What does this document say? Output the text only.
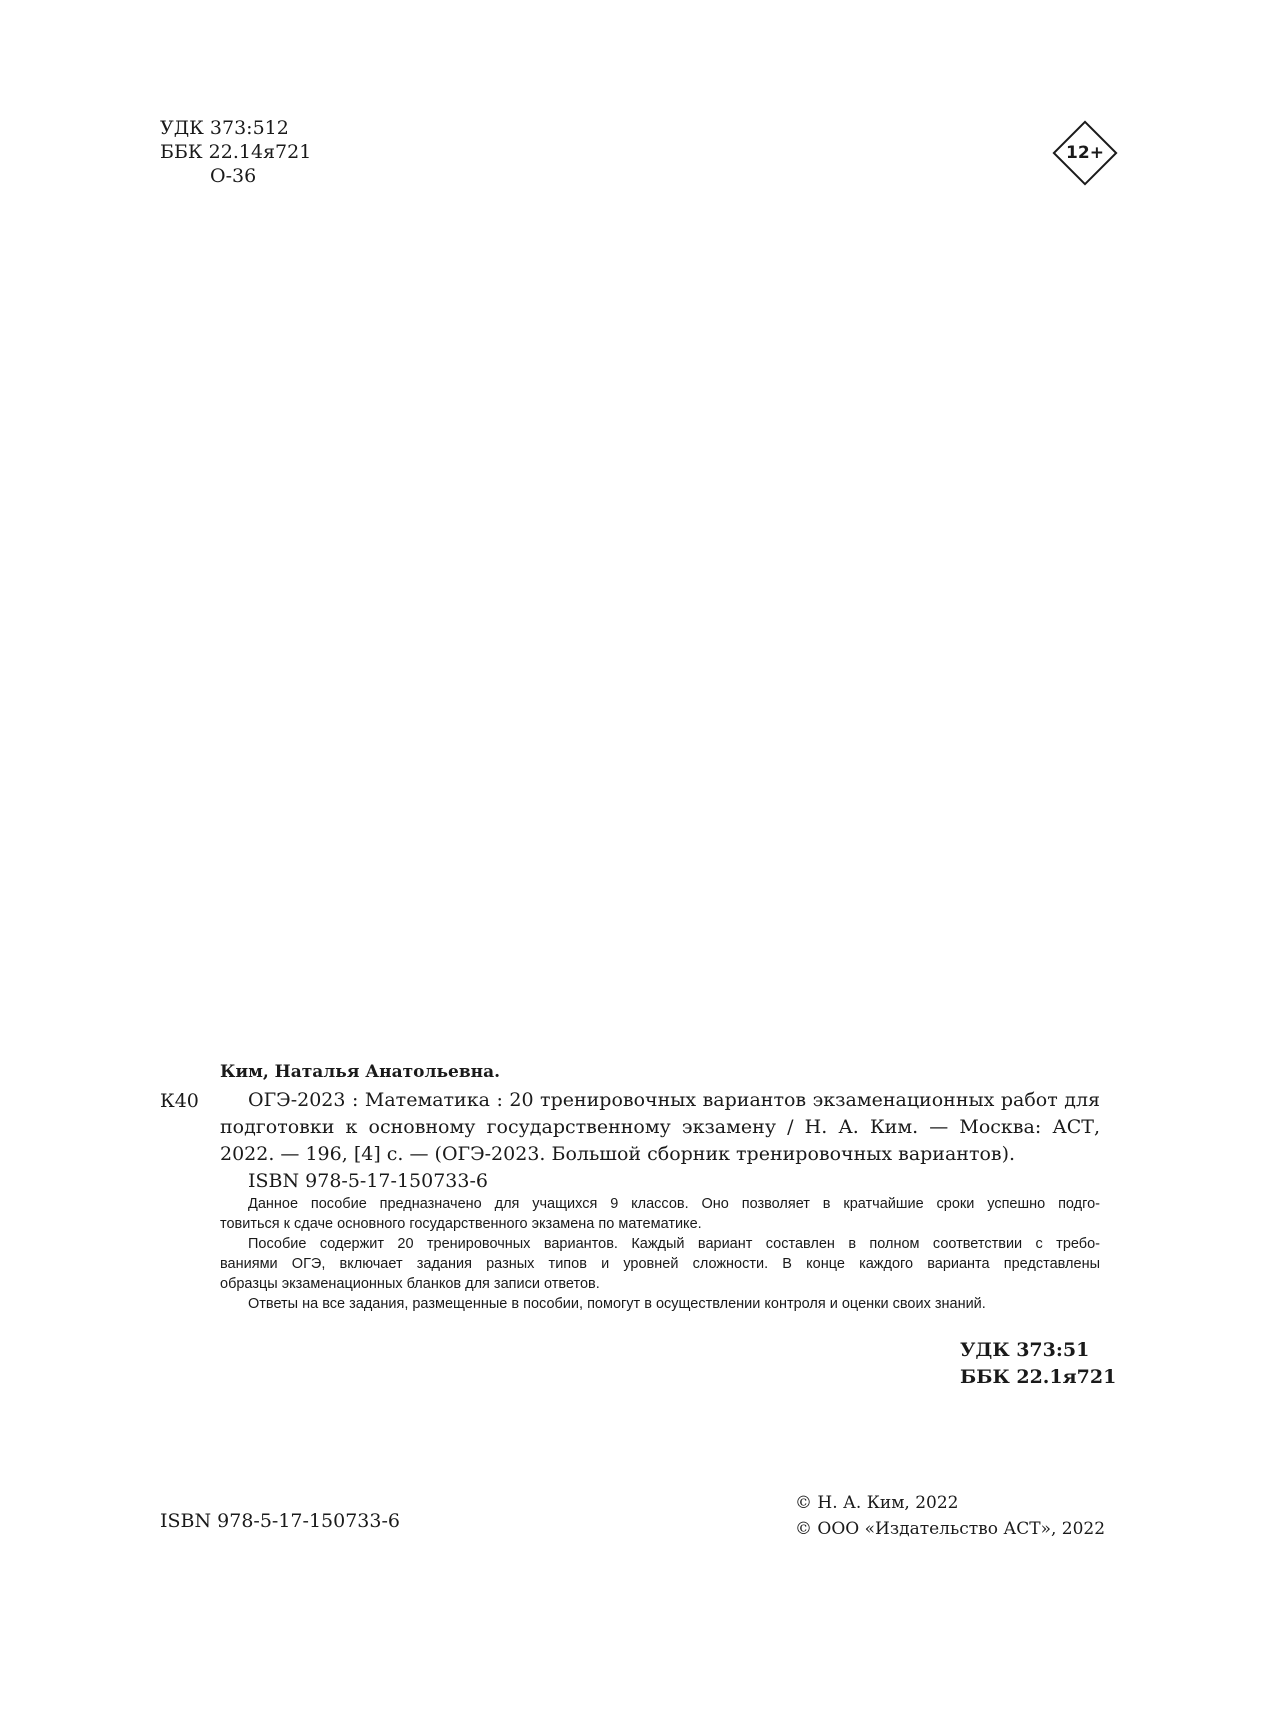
УДК 373:512
ББК 22.14я721
О-36
12+
Ким, Наталья Анатольевна.
К40	ОГЭ-2023 : Математика : 20 тренировочных вариантов экзаменационных работ для
подготовки к основному государственному экзамену / Н. А. Ким. — Москва: АСТ,
2022. — 196, [4] с. — (ОГЭ-2023. Большой сборник тренировочных вариантов).
ISBN 978-5-17-150733-6
Данное пособие предназначено для учащихся 9 классов. Оно позволяет в кратчайшие сроки успешно подго-
товиться к сдаче основного государственного экзамена по математике.
Пособие содержит 20 тренировочных вариантов. Каждый вариант составлен в полном соответствии с требо-
ваниями ОГЭ, включает задания разных типов и уровней сложности. В конце каждого варианта представлены
образцы экзаменационных бланков для записи ответов.
Ответы на все задания, размещенные в пособии, помогут в осуществлении контроля и оценки своих знаний.
УДК 373:51
ББК 22.1я721
ISBN 978-5-17-150733-6
© Н. А. Ким, 2022
© ООО «Издательство АСТ», 2022
